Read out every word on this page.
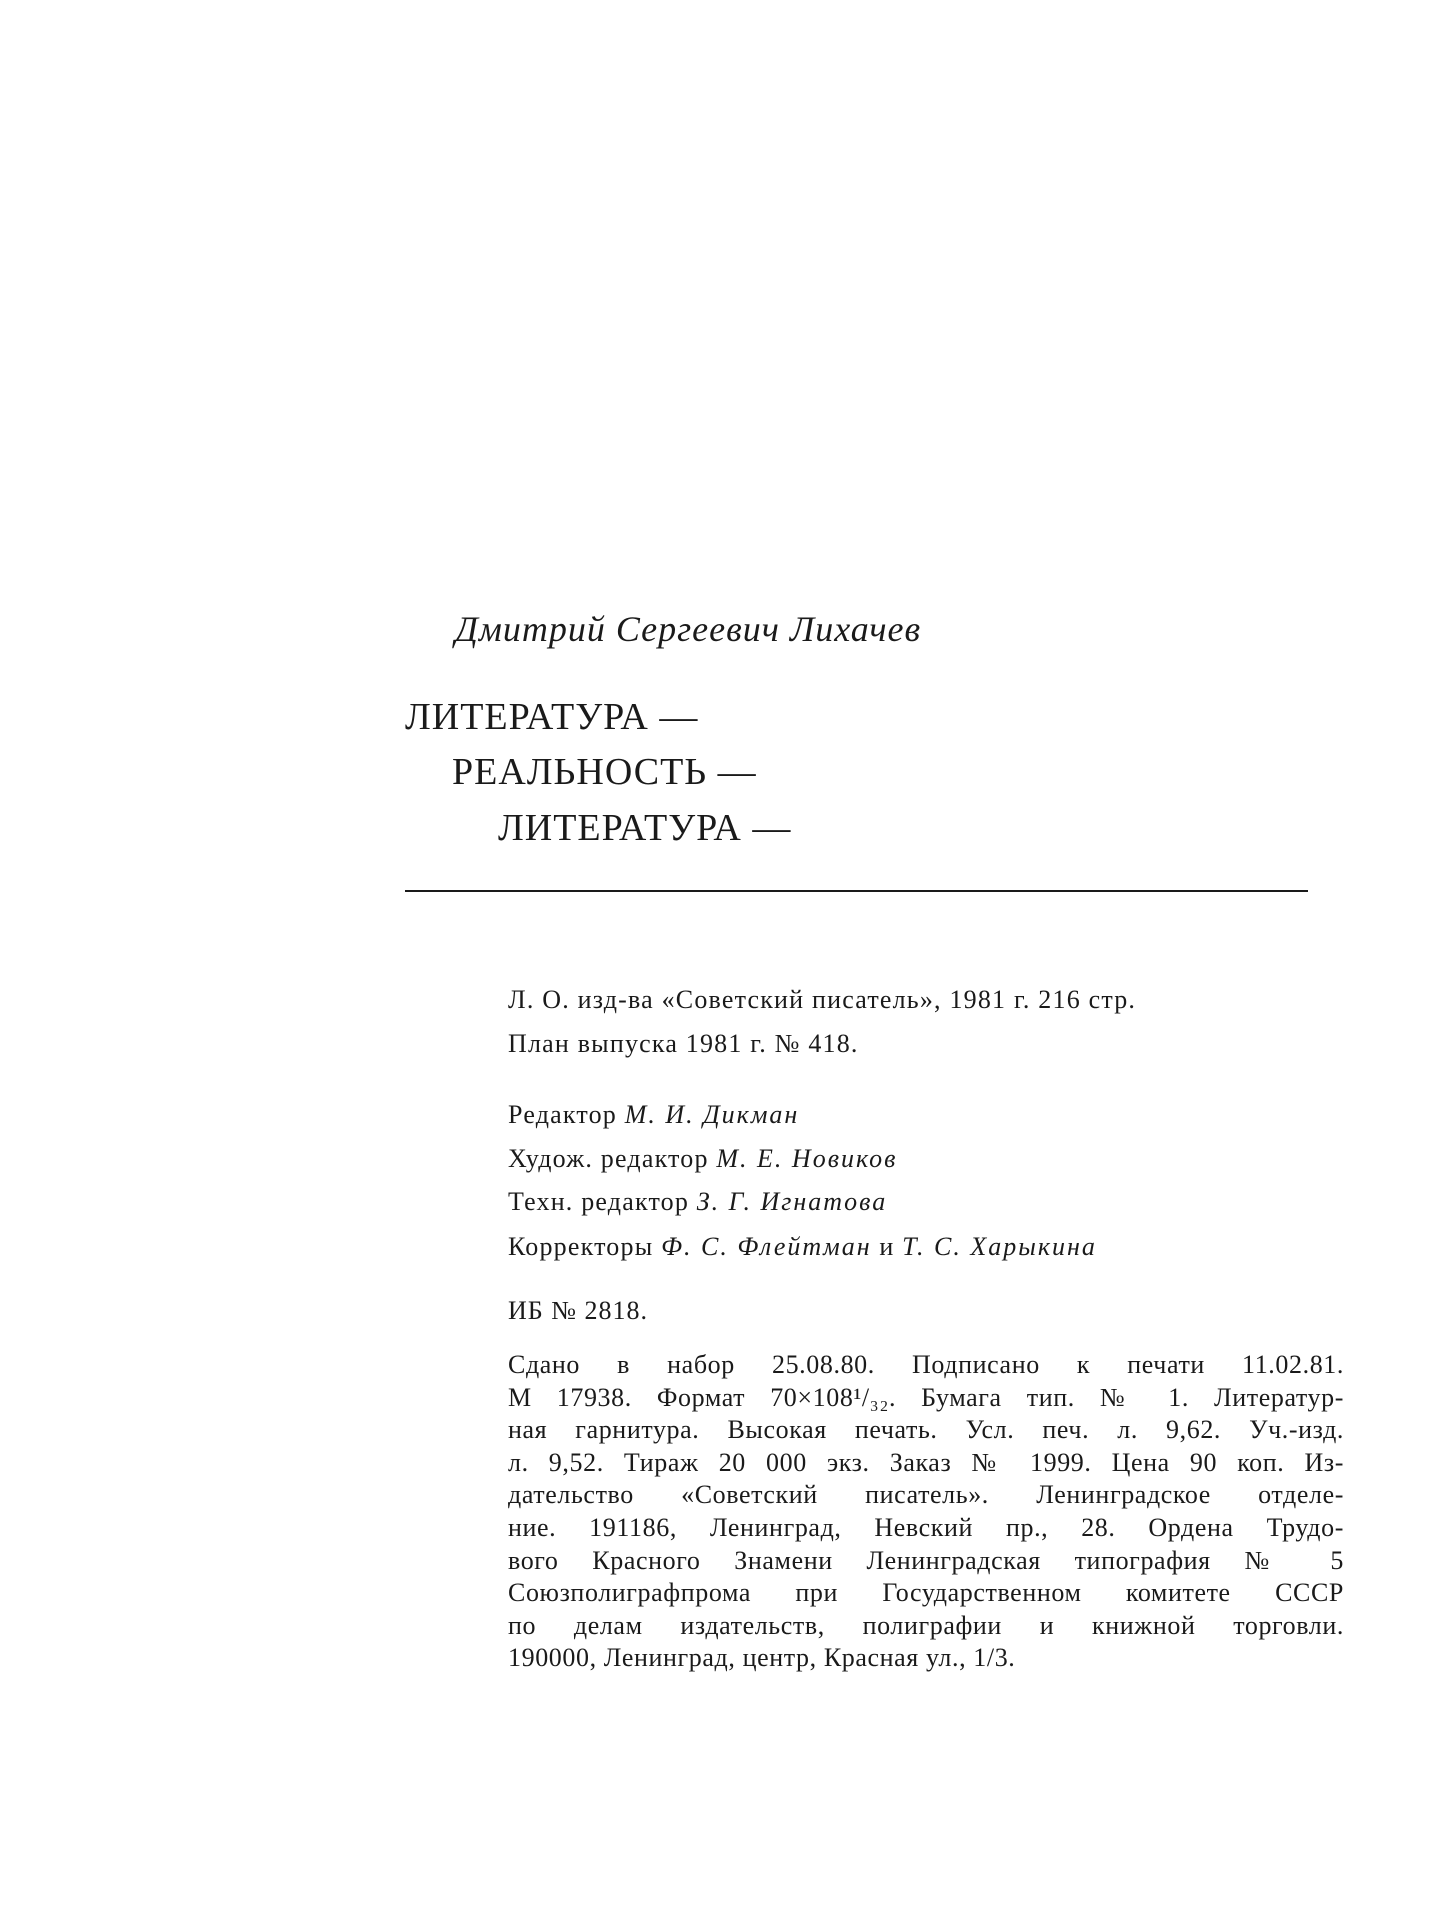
Дмитрий Сергеевич Лихачев
ЛИТЕРАТУРА —
РЕАЛЬНОСТЬ —
ЛИТЕРАТУРА —
Л. О. изд-ва «Советский писатель», 1981 г. 216 стр.
План выпуска 1981 г. № 418.
Редактор М. И. Дикман
Худож. редактор М. Е. Новиков
Техн. редактор З. Г. Игнатова
Корректоры Ф. С. Флейтман и Т. С. Харыкина
ИБ № 2818.
Сдано в набор 25.08.80. Подписано к печати 11.02.81.
М 17938. Формат 70×108¹/₃₂. Бумага тип. № 1. Литератур-
ная гарнитура. Высокая печать. Усл. печ. л. 9,62. Уч.-изд.
л. 9,52. Тираж 20 000 экз. Заказ № 1999. Цена 90 коп. Из-
дательство «Советский писатель». Ленинградское отделе-
ние. 191186, Ленинград, Невский пр., 28. Ордена Трудо-
вого Красного Знамени Ленинградская типография № 5
Союзполиграфпрома при Государственном комитете СССР
по делам издательств, полиграфии и книжной торговли.
190000, Ленинград, центр, Красная ул., 1/3.
